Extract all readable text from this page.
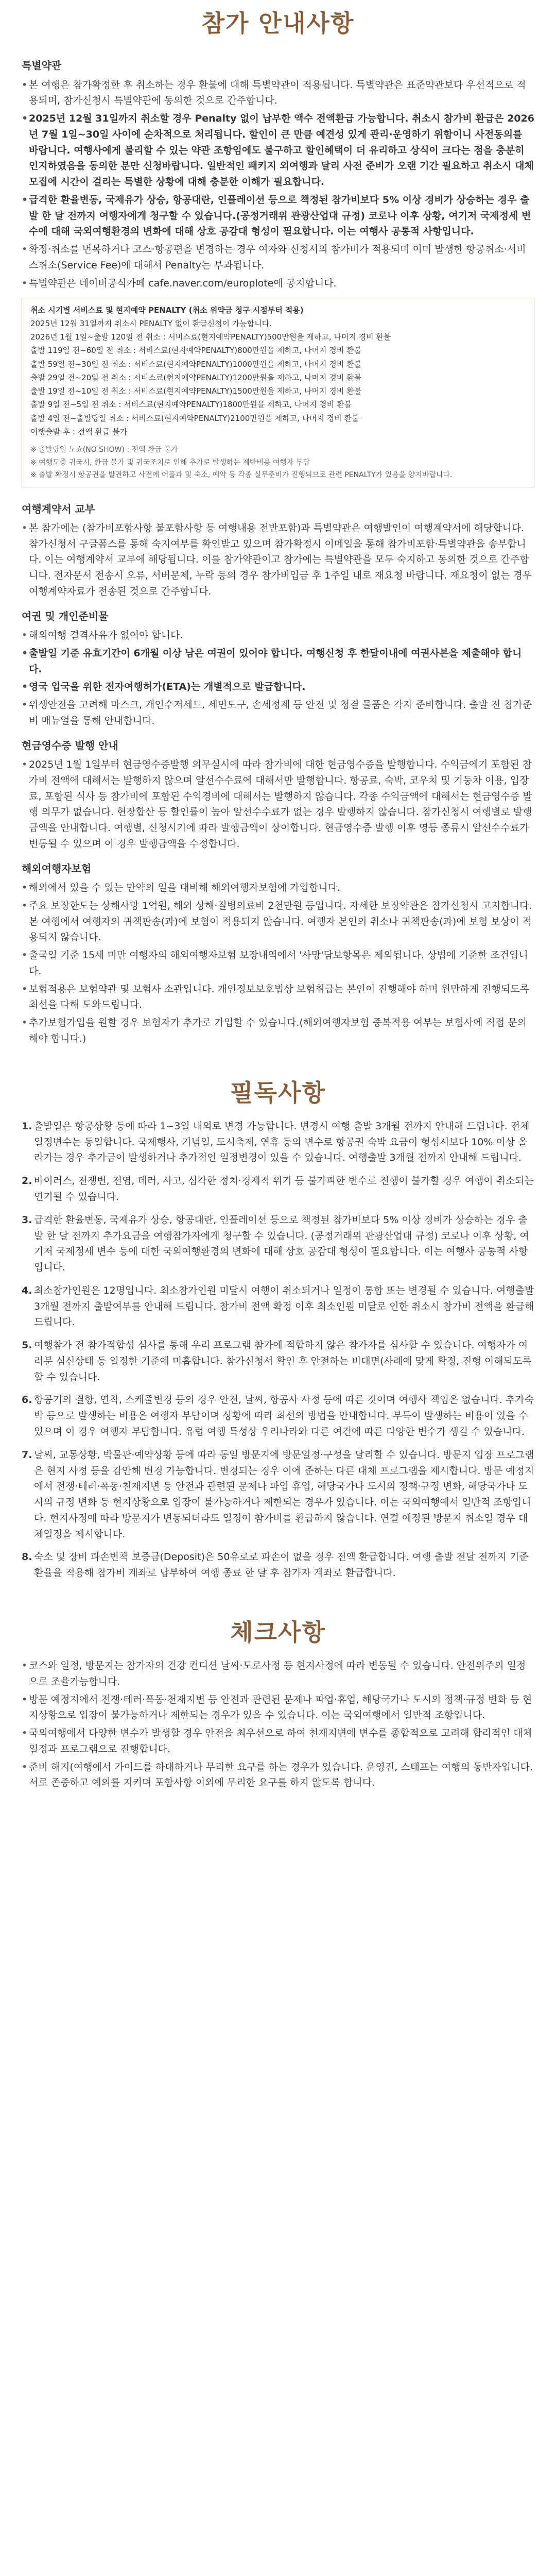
참가 안내사항
특별약관
• 본 여행은 참가확정한 후 취소하는 경우 환불에 대해 특별약관이 적용됩니다. 특별약관은 표준약관보다 우선적으로 적용되며, 참가신청시 특별약관에 동의한 것으로 간주합니다.
• 2025년 12월 31일까지 취소할 경우 Penalty 없이 납부한 액수 전액환급 가능합니다. 취소시 참가비 환급은 2026년 7월 1일~30일 사이에 순차적으로 처리됩니다. 할인이 큰 만큼 예견성 있게 관리·운영하기 위함이니 사전동의를 바랍니다. 여행사에게 불리할 수 있는 약관 조항임에도 불구하고 할인혜택이 더 유리하고 상식이 크다는 점을 충분히 인지하였음을 동의한 분만 신청바랍니다. 일반적인 패키지 외여행과 달리 사전 준비가 오랜 기간 필요하고 취소시 대체모집에 시간이 걸리는 특별한 상황에 대해 충분한 이해가 필요합니다.
• 급격한 환율변동, 국제유가 상승, 항공대란, 인플레이션 등으로 책정된 참가비보다 5% 이상 경비가 상승하는 경우 출발 한 달 전까지 여행자에게 청구할 수 있습니다.(공정거래위 관광산업대 규정) 코로나 이후 상황, 여기저 국제정세 변수에 대해 국외여행환경의 변화에 대해 상호 공감대 형성이 필요합니다. 이는 여행사 공통적 사항입니다.
• 확정·취소를 번복하거나 코스·항공편을 변경하는 경우 여자와 신청서의 참가비가 적용되며 이미 발생한 항공취소·서비스취소(Service Fee)에 대해서 Penalty는 부과됩니다.
• 특별약관은 네이버공식카페 cafe.naver.com/europlote에 공지합니다.
취소 시기별 서비스료 및 현지예약 PENALTY (취소 위약금 청구 시점부터 적용)
2025년 12월 31일까지 취소시 PENALTY 없이 환급신청이 가능합니다.
2026년 1월 1일~출발 120일 전 취소 : 서비스료(현지예약PENALTY)500만원을 제하고, 나머지 경비 환불
출발 119일 전~60일 전 취소 : 서비스료(현지예약PENALTY)800만원을 제하고, 나머지 경비 환불
출발 59일 전~30일 전 취소 : 서비스료(현지예약PENALTY)1000만원을 제하고, 나머지 경비 환불
출발 29일 전~20일 전 취소 : 서비스료(현지예약PENALTY)1200만원을 제하고, 나머지 경비 환불
출발 19일 전~10일 전 취소 : 서비스료(현지예약PENALTY)1500만원을 제하고, 나머지 경비 환불
출발 9일 전~5일 전 취소 : 서비스료(현지예약PENALTY)1800만원을 제하고, 나머지 경비 환불
출발 4일 전~출발당일 취소 : 서비스료(현지예약PENALTY)2100만원을 제하고, 나머지 경비 환불
여행출발 후 : 전액 환급 불가
※ 출발당일 노쇼(NO SHOW) : 전액 환급 불가
※ 여행도중 귀국시, 환급 불가 및 귀국조치로 인해 추가로 발생하는 제반비용 여행자 부담
※ 출발 확정시 항공권을 발권하고 사전에 어플과 및 숙소, 예약 등 각종 실무준비가 진행되므로 관련 PENALTY가 있음을 양지바랍니다.
여행계약서 교부
• 본 참가에는 (참가비포함사항 불포함사항 등 여행내용 전반포함)과 특별약관은 여행발인이 여행계약서에 해당합니다. 참가신청서 구글폼스를 통해 숙지여부를 확인받고 있으며 참가확정시 이메일을 통해 참가비포함·특별약관을 송부합니다. 이는 여행계약서 교부에 해당됩니다. 이를 참가약관이고 참가에는 특별약관을 모두 숙지하고 동의한 것으로 간주합니다. 전자문서 전송시 오류, 서버문제, 누락 등의 경우 참가비입금 후 1주일 내로 재요청 바랍니다. 재요청이 없는 경우 여행계약자료가 전송된 것으로 간주합니다.
여권 및 개인준비물
• 해외여행 결격사유가 없어야 합니다.
• 출발일 기준 유효기간이 6개월 이상 남은 여권이 있어야 합니다. 여행신청 후 한달이내에 여권사본을 제출해야 합니다.
• 영국 입국을 위한 전자여행허가(ETA)는 개별적으로 발급합니다.
• 위생안전을 고려해 마스크, 개인수저세트, 세면도구, 손세정제 등 안전 및 청결 물품은 각자 준비합니다. 출발 전 참가준비 매뉴얼을 통해 안내합니다.
현금영수증 발행 안내
• 2025년 1월 1일부터 현금영수증발행 의무실시에 따라 참가비에 대한 현금영수증을 발행합니다. 수익금에기 포함된 참가비 전액에 대해서는 발행하지 않으며 알선수수료에 대해서만 발행합니다. 항공료, 숙박, 코우치 및 기둥차 이용, 입장료, 포함된 식사 등 참가비에 포함된 수익경비에 대해서는 발행하지 않습니다. 각종 수익금액에 대해서는 현금영수증 발행 의무가 없습니다. 현장합산 등 할인률이 높아 알선수수료가 없는 경우 발행하지 않습니다. 참가신청시 여행별로 발행금액을 안내합니다. 여행별, 신청시기에 따라 발행금액이 상이합니다. 현금영수증 발행 이후 영등 종류시 알선수수료가 변동될 수 있으며 이 경우 발행금액을 수정합니다.
해외여행자보험
• 해외에서 있을 수 있는 만약의 일을 대비해 해외여행자보험에 가입합니다.
• 주요 보장한도는 상해사망 1억원, 해외 상해·질병의료비 2천만원 등입니다. 자세한 보장약관은 참가신청시 고지합니다. 본 여행에서 여행자의 귀책판송(과)에 보험이 적용되지 않습니다. 여행자 본인의 취소나 귀책판송(과)에 보험 보상이 적용되지 않습니다.
• 출국일 기준 15세 미만 여행자의 해외여행자보험 보장내역에서 '사망'담보항목은 제외됩니다. 상법에 기준한 조건입니다.
• 보험적용은 보험약관 및 보험사 소관입니다. 개인정보보호법상 보험취급는 본인이 진행해야 하며 원만하게 진행되도록 최선을 다해 도와드립니다.
• 추가보험가입을 원할 경우 보험자가 추가로 가입할 수 있습니다.(해외여행자보험 중복적용 여부는 보험사에 직접 문의해야 합니다.)
필독사항
1. 출발일은 항공상황 등에 따라 1~3일 내외로 변경 가능합니다. 변경시 여행 출발 3개월 전까지 안내해 드립니다. 전체 일정변수는 동일합니다. 국제행사, 기념일, 도시축제, 연휴 등의 변수로 항공권 숙박 요금이 형성시보다 10% 이상 올라가는 경우 추가금이 발생하거나 추가적인 일정변경이 있을 수 있습니다. 여행출발 3개월 전까지 안내해 드립니다.
2. 바이러스, 전쟁변, 전염, 테러, 사고, 심각한 정치·경제적 위기 등 불가피한 변수로 진행이 불가할 경우 여행이 취소되는 연기될 수 있습니다.
3. 급격한 환율변동, 국제유가 상승, 항공대란, 인플레이션 등으로 책정된 참가비보다 5% 이상 경비가 상승하는 경우 출발 한 달 전까지 추가요금을 여행참가자에게 청구할 수 있습니다. (공정거래위 관광산업대 규정) 코로나 이후 상황, 여기저 국제정세 변수 등에 대한 국외여행환경의 변화에 대해 상호 공감대 형성이 필요합니다. 이는 여행사 공통적 사항입니다.
4. 최소참가인원은 12명입니다. 최소참가인원 미달시 여행이 취소되거나 일정이 통합 또는 변경될 수 있습니다. 여행출발 3개월 전까지 출발여부를 안내해 드립니다. 참가비 전액 확정 이후 최소인원 미달로 인한 취소시 참가비 전액을 환급해 드립니다.
5. 여행참가 전 참가적합성 심사를 통해 우리 프로그램 참가에 적합하지 않은 참가자를 심사할 수 있습니다. 여행자가 여러분 심신상태 등 일정한 기준에 미흡합니다. 참가신청서 확인 후 안전하는 비대면(사례에 맞게 확정, 진행 이해되도록 할 수 있습니다.
6. 항공기의 결항, 연착, 스케줄변경 등의 경우 안전, 날씨, 항공사 사정 등에 따른 것이며 여행사 책임은 없습니다. 추가숙박 등으로 발생하는 비용은 여행자 부담이며 상황에 따라 최선의 방법을 안내합니다. 부득이 발생하는 비용이 있을 수 있으며 이 경우 여행자 부담합니다. 유럽 여행 특성상 우리나라와 다른 여건에 따른 다양한 변수가 생길 수 있습니다.
7. 날씨, 교통상황, 박물관·예약상황 등에 따라 동일 방문지에 방문일정·구성을 달리할 수 있습니다. 방문지 입장 프로그램은 현지 사정 등을 감안해 변경 가능합니다. 변경되는 경우 이에 준하는 다른 대체 프로그램을 제시합니다. 방문 예정지에서 전쟁·테러·폭동·천재지변 등 안전과 관련된 문제나 파업 휴업, 해당국가나 도시의 정책·규정 변화, 해당국가나 도시의 규정 변화 등 현지상황으로 입장이 불가능하거나 제한되는 경우가 있습니다. 이는 국외여행에서 일반적 조항입니다. 현지사정에 따라 방문지가 변동되더라도 일정이 참가비를 환급하지 않습니다. 연결 예정된 방문지 취소일 경우 대체일정을 제시합니다.
8. 숙소 및 장비 파손변책 보증금(Deposit)은 50유로로 파손이 없을 경우 전액 환급합니다. 여행 출발 전달 전까지 기준환율을 적용해 참가비 계좌로 납부하여 여행 종료 한 달 후 참가자 계좌로 환급합니다.
체크사항
• 코스와 일정, 방문지는 참가자의 건강 컨디션 날씨·도로사정 등 현지사정에 따라 변동될 수 있습니다. 안전위주의 일정으로 조율가능합니다.
• 방문 예정지에서 전쟁·테러·폭동·천재지변 등 안전과 관련된 문제나 파업·휴업, 해당국가나 도시의 정책·규정 변화 등 현지상황으로 입장이 불가능하거나 제한되는 경우가 있을 수 있습니다. 이는 국외여행에서 일반적 조항입니다.
• 국외여행에서 다양한 변수가 발생할 경우 안전을 최우선으로 하여 천재지변에 변수를 종합적으로 고려해 합리적인 대체 일정과 프로그램으로 진행합니다.
• 준비 해지(여행에서 가이드를 하대하거나 무리한 요구를 하는 경우가 있습니다. 운영진, 스태프는 여행의 동반자입니다. 서로 존중하고 예의를 지키며 포함사항 이외에 무리한 요구를 하지 않도록 합니다.
